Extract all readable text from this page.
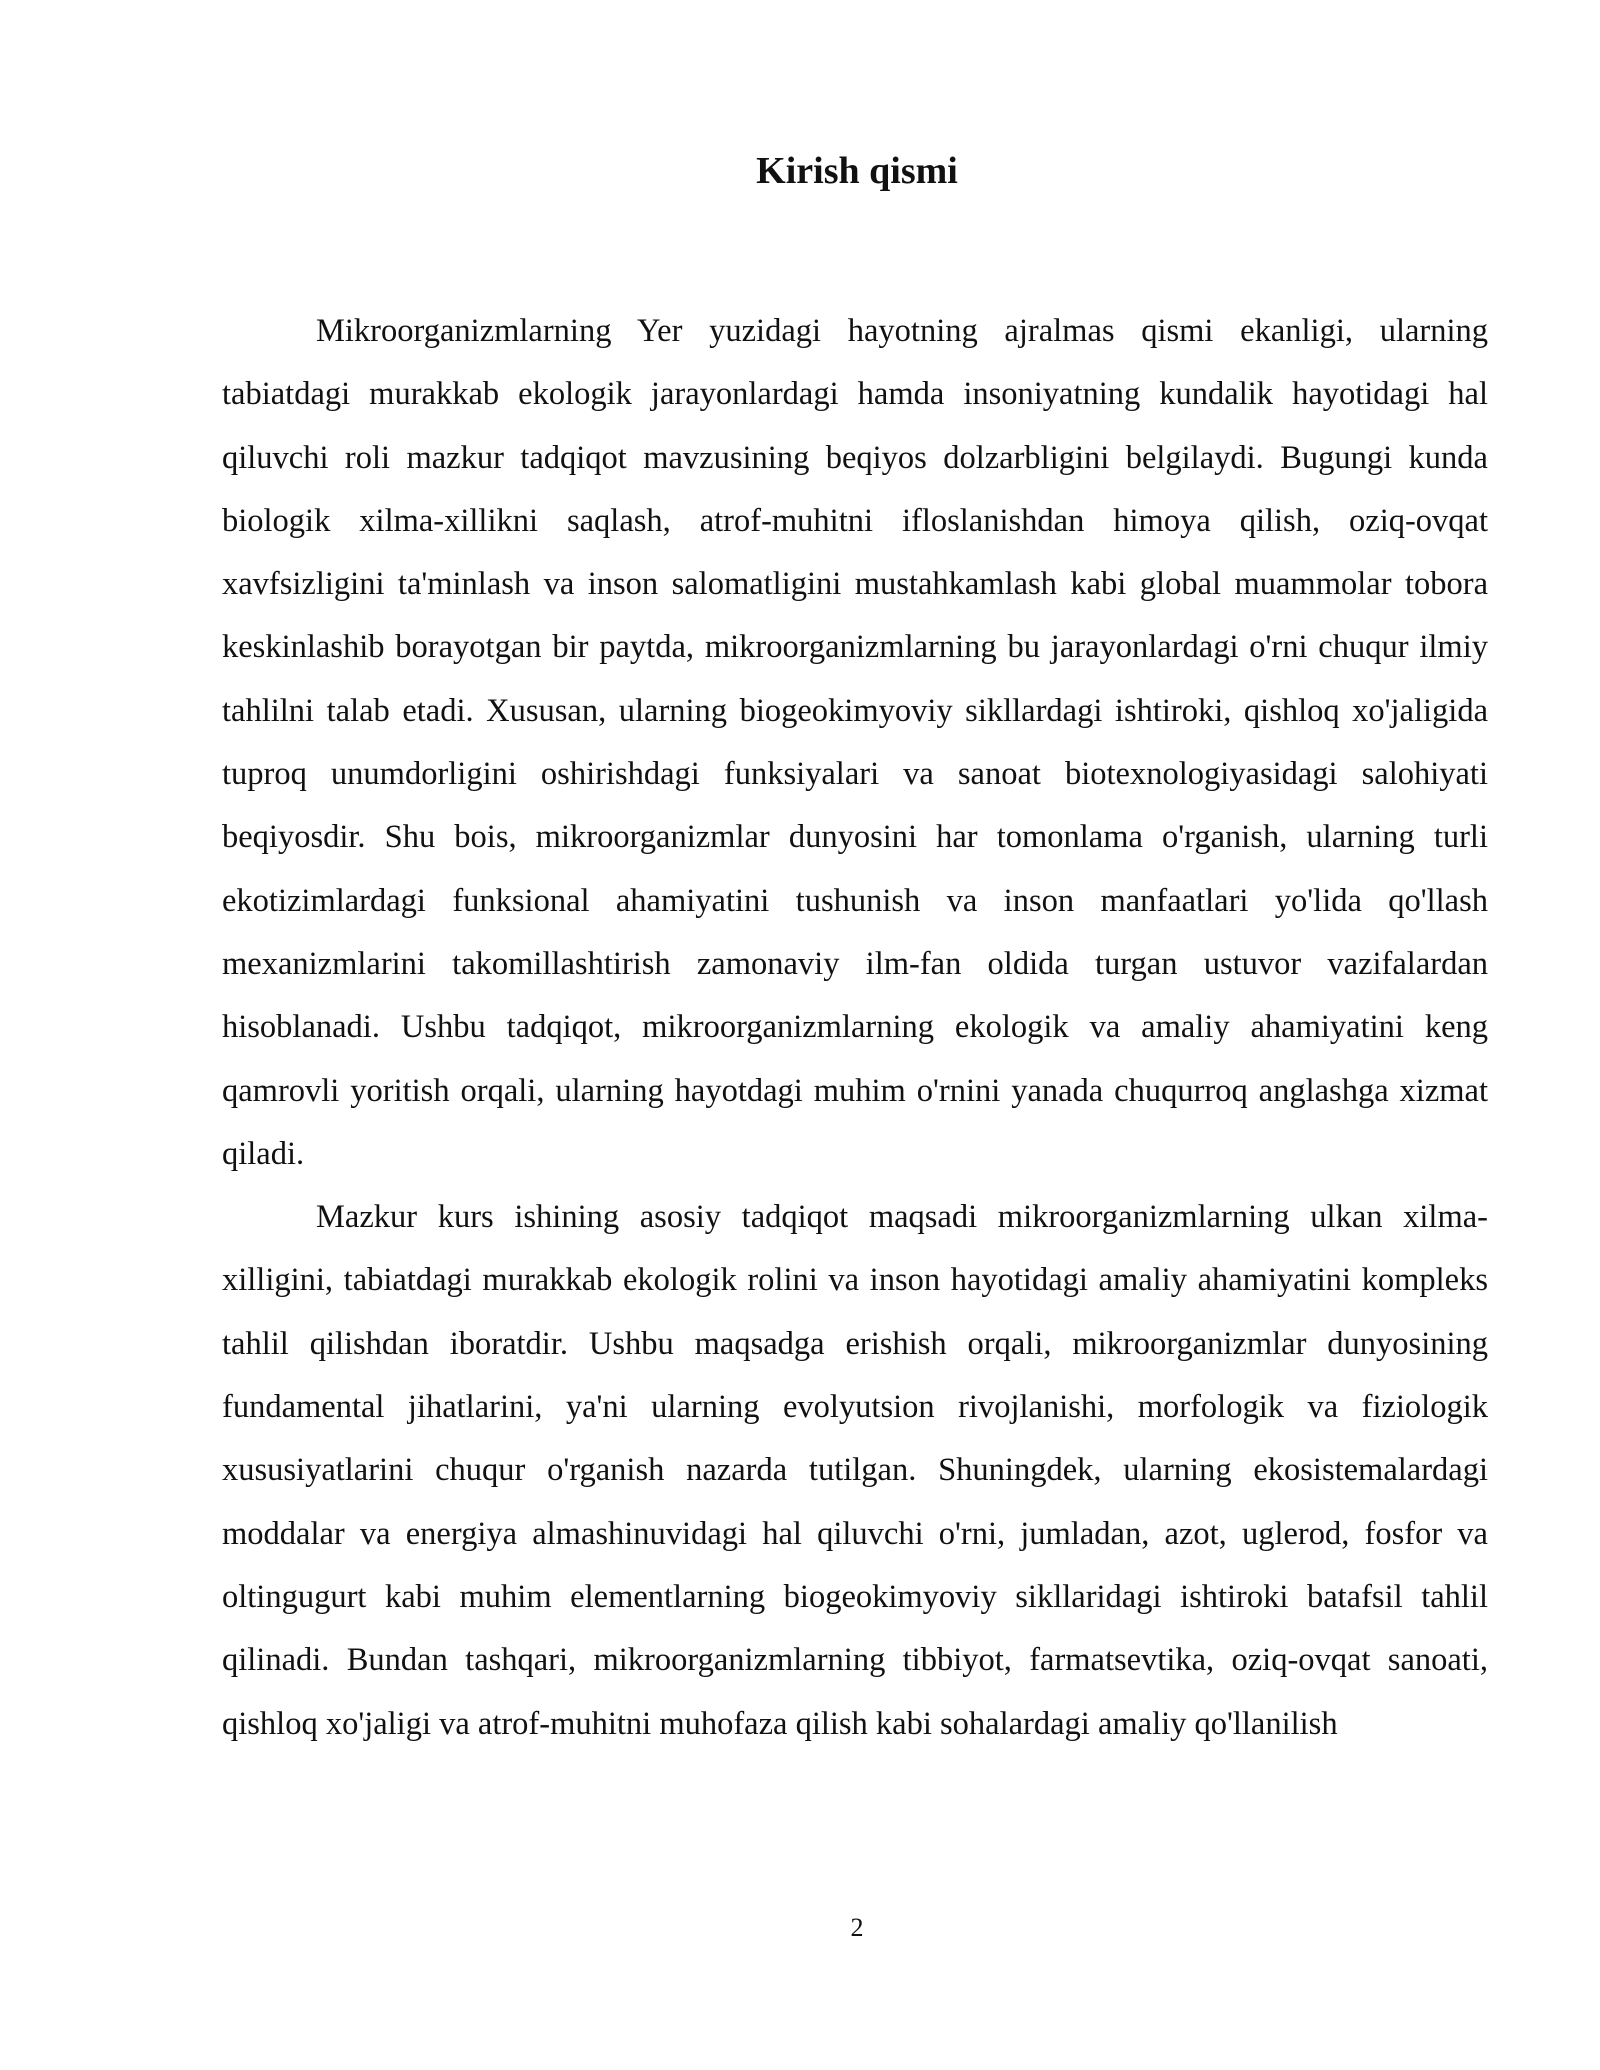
Kirish qismi

Mikroorganizmlarning Yer yuzidagi hayotning ajralmas qismi ekanligi, ularning tabiatdagi murakkab ekologik jarayonlardagi hamda insoniyatning kundalik hayotidagi hal qiluvchi roli mazkur tadqiqot mavzusining beqiyos dolzarbligini belgilaydi. Bugungi kunda biologik xilma-xillikni saqlash, atrof-muhitni ifloslanishdan himoya qilish, oziq-ovqat xavfsizligini ta'minlash va inson salomatligini mustahkamlash kabi global muammolar tobora keskinlashib borayotgan bir paytda, mikroorganizmlarning bu jarayonlardagi o'rni chuqur ilmiy tahlilni talab etadi. Xususan, ularning biogeokimyoviy sikllardagi ishtiroki, qishloq xo'jaligida tuproq unumdorligini oshirishdagi funksiyalari va sanoat biotexnologiyasidagi salohiyati beqiyosdir. Shu bois, mikroorganizmlar dunyosini har tomonlama o'rganish, ularning turli ekotizimlardagi funksional ahamiyatini tushunish va inson manfaatlari yo'lida qo'llash mexanizmlarini takomillashtirish zamonaviy ilm-fan oldida turgan ustuvor vazifalardan hisoblanadi. Ushbu tadqiqot, mikroorganizmlarning ekologik va amaliy ahamiyatini keng qamrovli yoritish orqali, ularning hayotdagi muhim o'rnini yanada chuqurroq anglashga xizmat qiladi.

Mazkur kurs ishining asosiy tadqiqot maqsadi mikroorganizmlarning ulkan xilma-xilligini, tabiatdagi murakkab ekologik rolini va inson hayotidagi amaliy ahamiyatini kompleks tahlil qilishdan iboratdir. Ushbu maqsadga erishish orqali, mikroorganizmlar dunyosining fundamental jihatlarini, ya'ni ularning evolyutsion rivojlanishi, morfologik va fiziologik xususiyatlarini chuqur o'rganish nazarda tutilgan. Shuningdek, ularning ekosistemalardagi moddalar va energiya almashinuvidagi hal qiluvchi o'rni, jumladan, azot, uglerod, fosfor va oltingugurt kabi muhim elementlarning biogeokimyoviy sikllaridagi ishtiroki batafsil tahlil qilinadi. Bundan tashqari, mikroorganizmlarning tibbiyot, farmatsevtika, oziq-ovqat sanoati, qishloq xo'jaligi va atrof-muhitni muhofaza qilish kabi sohalardagi amaliy qo'llanilish

2
